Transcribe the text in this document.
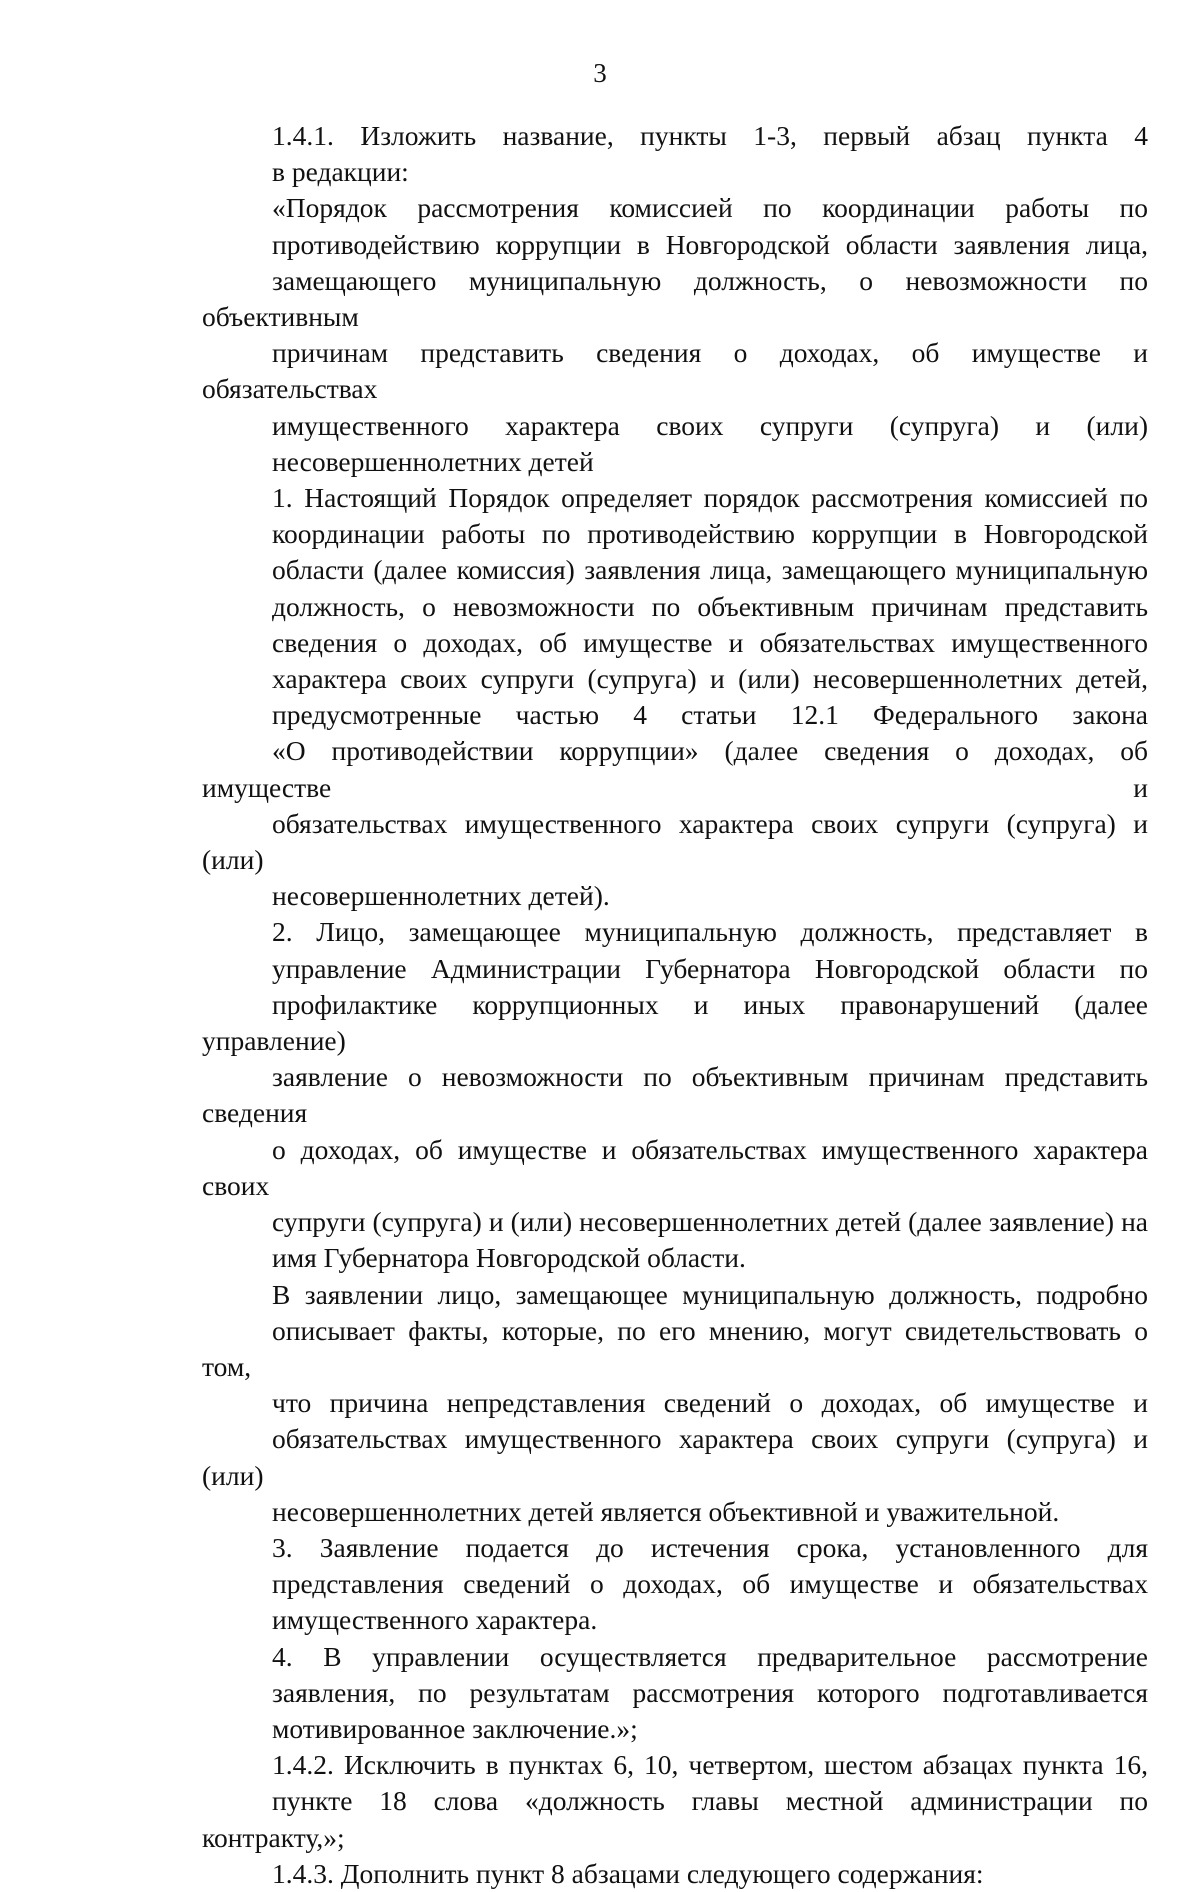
3

1.4.1. Изложить название, пункты 1-3, первый абзац пункта 4
в редакции:

«Порядок рассмотрения комиссией по координации работы по
противодействию коррупции в Новгородской области заявления лица,
замещающего муниципальную должность, о невозможности по объективным
причинам представить сведения о доходах, об имуществе и обязательствах
имущественного характера своих супруги (супруга) и (или)
несовершеннолетних детей

1. Настоящий Порядок определяет порядок рассмотрения комиссией по
координации работы по противодействию коррупции в Новгородской
области (далее комиссия) заявления лица, замещающего муниципальную
должность, о невозможности по объективным причинам представить
сведения о доходах, об имуществе и обязательствах имущественного
характера своих супруги (супруга) и (или) несовершеннолетних детей,
предусмотренные частью 4 статьи 12.1 Федерального закона
«О противодействии коррупции» (далее сведения о доходах, об имуществе и
обязательствах имущественного характера своих супруги (супруга) и (или)
несовершеннолетних детей).

2. Лицо, замещающее муниципальную должность, представляет в
управление Администрации Губернатора Новгородской области по
профилактике коррупционных и иных правонарушений (далее управление)
заявление о невозможности по объективным причинам представить сведения
о доходах, об имуществе и обязательствах имущественного характера своих
супруги (супруга) и (или) несовершеннолетних детей (далее заявление) на
имя Губернатора Новгородской области.

В заявлении лицо, замещающее муниципальную должность, подробно
описывает факты, которые, по его мнению, могут свидетельствовать о том,
что причина непредставления сведений о доходах, об имуществе и
обязательствах имущественного характера своих супруги (супруга) и (или)
несовершеннолетних детей является объективной и уважительной.

3. Заявление подается до истечения срока, установленного для
представления сведений о доходах, об имуществе и обязательствах
имущественного характера.

4. В управлении осуществляется предварительное рассмотрение
заявления, по результатам рассмотрения которого подготавливается
мотивированное заключение.»;

1.4.2. Исключить в пунктах 6, 10, четвертом, шестом абзацах пункта 16,
пункте 18 слова «должность главы местной администрации по контракту,»;

1.4.3. Дополнить пункт 8 абзацами следующего содержания:
